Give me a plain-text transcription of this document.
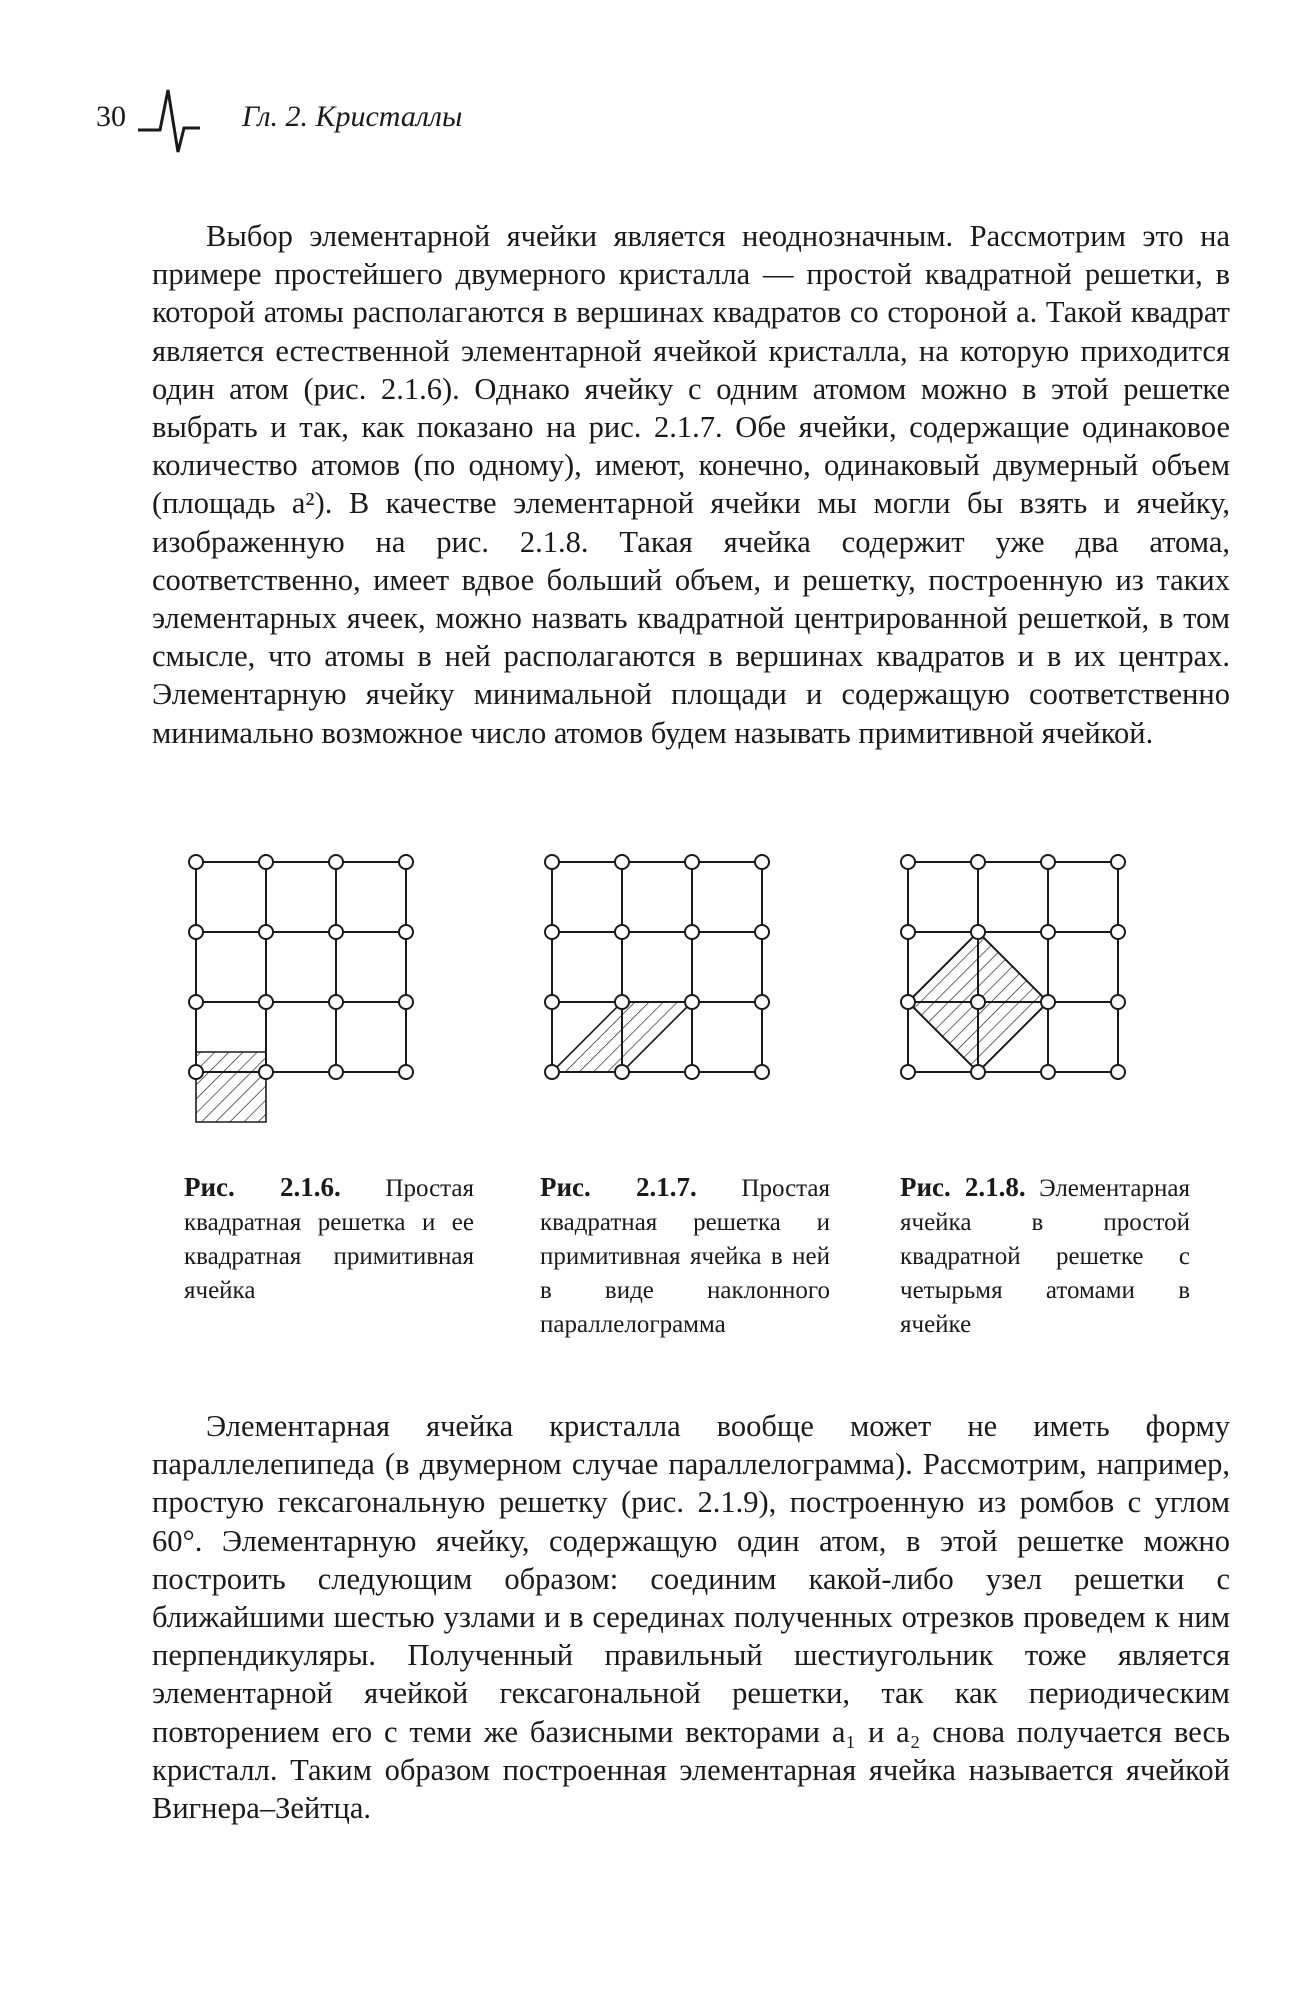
30	Гл. 2. Кристаллы

Выбор элементарной ячейки является неоднозначным. Рассмотрим это на примере простейшего двумерного кристалла — простой квадратной решетки, в которой атомы располагаются в вершинах квадратов со стороной a. Такой квадрат является естественной элементарной ячейкой кристалла, на которую приходится один атом (рис. 2.1.6). Однако ячейку с одним атомом можно в этой решетке выбрать и так, как показано на рис. 2.1.7. Обе ячейки, содержащие одинаковое количество атомов (по одному), имеют, конечно, одинаковый двумерный объем (площадь a²). В качестве элементарной ячейки мы могли бы взять и ячейку, изображенную на рис. 2.1.8. Такая ячейка содержит уже два атома, соответственно, имеет вдвое больший объем, и решетку, построенную из таких элементарных ячеек, можно назвать квадратной центрированной решеткой, в том смысле, что атомы в ней располагаются в вершинах квадратов и в их центрах. Элементарную ячейку минимальной площади и содержащую соответственно минимально возможное число атомов будем называть примитивной ячейкой.

Рис. 2.1.6. Простая квадратная решетка и ее квадратная примитивная ячейка

Рис. 2.1.7. Простая квадратная решетка и примитивная ячейка в ней в виде наклонного параллелограмма

Рис. 2.1.8. Элементарная ячейка в простой квадратной решетке с четырьмя атомами в ячейке

Элементарная ячейка кристалла вообще может не иметь форму параллелепипеда (в двумерном случае параллелограмма). Рассмотрим, например, простую гексагональную решетку (рис. 2.1.9), построенную из ромбов с углом 60°. Элементарную ячейку, содержащую один атом, в этой решетке можно построить следующим образом: соединим какой-либо узел решетки с ближайшими шестью узлами и в серединах полученных отрезков проведем к ним перпендикуляры. Полученный правильный шестиугольник тоже является элементарной ячейкой гексагональной решетки, так как периодическим повторением его с теми же базисными векторами a₁ и a₂ снова получается весь кристалл. Таким образом построенная элементарная ячейка называется ячейкой Вигнера–Зейтца.
